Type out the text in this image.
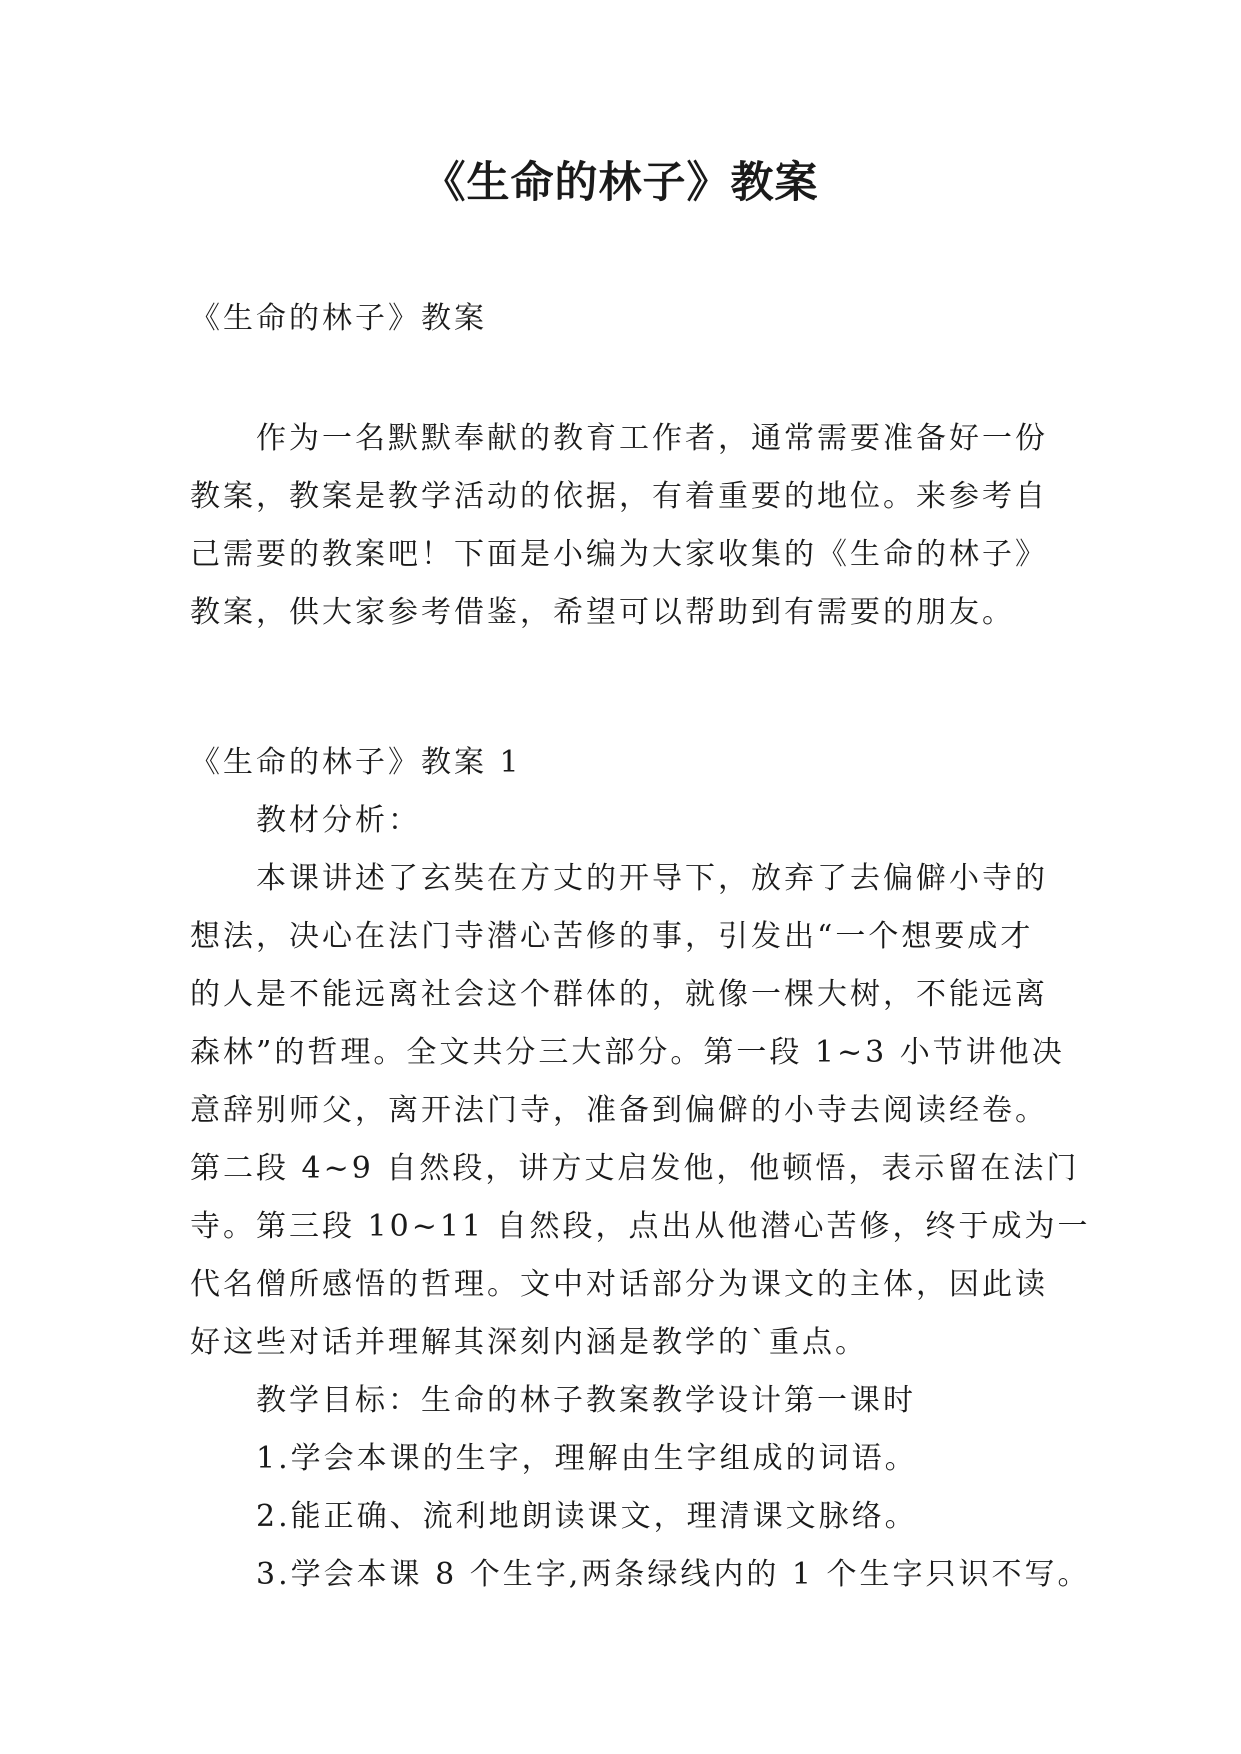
《生命的林子》教案
《生命的林子》教案
作为一名默默奉献的教育工作者，通常需要准备好一份
教案，教案是教学活动的依据，有着重要的地位。来参考自
己需要的教案吧！下面是小编为大家收集的《生命的林子》
教案，供大家参考借鉴，希望可以帮助到有需要的朋友。
《生命的林子》教案 1
教材分析：
本课讲述了玄奘在方丈的开导下，放弃了去偏僻小寺的
想法，决心在法门寺潜心苦修的事，引发出“一个想要成才
的人是不能远离社会这个群体的，就像一棵大树，不能远离
森林”的哲理。全文共分三大部分。第一段 1~3 小节讲他决
意辞别师父，离开法门寺，准备到偏僻的小寺去阅读经卷。
第二段 4~9 自然段，讲方丈启发他，他顿悟，表示留在法门
寺。第三段 10~11 自然段，点出从他潜心苦修，终于成为一
代名僧所感悟的哲理。文中对话部分为课文的主体，因此读
好这些对话并理解其深刻内涵是教学的`重点。
教学目标：生命的林子教案教学设计第一课时
1.学会本课的生字，理解由生字组成的词语。
2.能正确、流利地朗读课文，理清课文脉络。
3.学会本课 8 个生字,两条绿线内的 1 个生字只识不写。
